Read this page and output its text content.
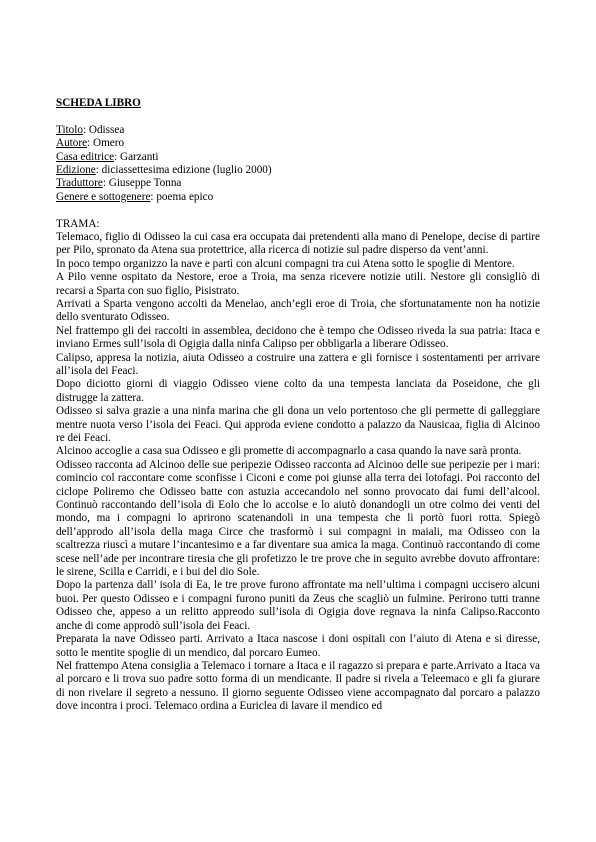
SCHEDA LIBRO
Titolo: Odissea
Autore: Omero
Casa editrice: Garzanti
Edizione: diciassettesima edizione (luglio 2000)
Traduttore: Giuseppe Tonna
Genere e sottogenere: poema epico
TRAMA:

Telemaco, figlio di Odisseo la cui casa era occupata dai pretendenti alla mano di Penelope, decise di partire per Pilo, spronato da Atena sua protettrice, alla ricerca di notizie sul padre disperso da vent’anni.

In poco tempo organizzo la nave e partì con alcuni compagni tra cui Atena sotto le spoglie di Mentore.

A Pilo venne ospitato da Nestore, eroe a Troia, ma senza ricevere notizie utili. Nestore gli consigliò di recarsi a Sparta con suo figlio, Pisistrato.

Arrivati a Sparta vengono accolti da Menelao, anch’egli eroe di Troia, che sfortunatamente non ha notizie dello sventurato Odisseo.

Nel frattempo gli dei raccolti in assemblea, decidono che è tempo che Odisseo riveda la sua patria: Itaca e inviano Ermes sull’isola di Ogigia dalla ninfa Calipso per obbligarla a liberare Odisseo.

Calipso, appresa la notizia, aiuta Odisseo a costruire una zattera e gli fornisce i sostentamenti per arrivare all’isola dei Feaci.

Dopo diciotto giorni di viaggio Odisseo viene colto da una tempesta lanciata da Poseidone, che gli distrugge la zattera.

Odisseo si salva grazie a una ninfa marina che gli dona un velo portentoso che gli permette di galleggiare mentre nuota verso l’isola dei Feaci. Qui approda eviene condotto a palazzo da Nausicaa, figlia di Alcinoo re dei Feaci.

Alcinoo accoglie a casa sua Odisseo e gli promette di accompagnarlo a casa quando la nave sarà pronta.

Odisseo racconta ad Alcinoo delle sue peripezie Odisseo racconta ad Alcinoo delle sue peripezie per i mari: comincio col raccontare come sconfisse i Ciconi e come poi giunse alla terra dei lotofagi. Poi racconto del ciclope Poliremo che Odisseo batte con astuzia accecandolo nel sonno provocato dai fumi dell’alcool. Continuò raccontando dell’isola di Eolo che lo accolse e lo aiutò donandogli un otre colmo dei venti del mondo, ma i compagni lo aprirono scatenandoli in una tempesta che li portò fuori rotta. Spiegò dell’approdo all’isola della maga Circe che trasformò i sui compagni in maiali, ma Odisseo con la scaltrezza riuscì a mutare l’incantesimo e a far diventare sua amica la maga. Continuò raccontando di come scese nell’ade per incontrare tiresia che gli profetizzo le tre prove che in seguito avrebbe dovuto affrontare: le sirene, Scilla e Carridi, e i bui del dio Sole.

Dopo la partenza dall’ isola di Ea, le tre prove furono affrontate ma nell’ultima i compagni uccisero alcuni buoi. Per questo Odisseo e i compagni furono puniti da Zeus che scagliò un fulmine. Perirono tutti tranne Odisseo che, appeso a un relitto appreodo sull’isola di Ogigia dove regnava la ninfa Calipso.Racconto anche di come approdò sull’isola dei Feaci.

Preparata la nave Odisseo parti. Arrivato a Itaca nascose i doni ospitali con l’aiuto di Atena e si diresse, sotto le mentite spoglie di un mendico, dal porcaro Eumeo.

Nel frattempo Atena consiglia a Telemaco i tornare a Itaca e il ragazzo si prepara e parte.Arrivato a Itaca va al porcaro e li trova suo padre sotto forma di un mendicante. Il padre si rivela a Teleemaco e gli fa giurare di non rivelare il segreto a nessuno. Il giorno seguente Odisseo viene accompagnato dal porcaro a palazzo dove incontra i proci. Telemaco ordina a Euriclea di lavare il mendico ed
